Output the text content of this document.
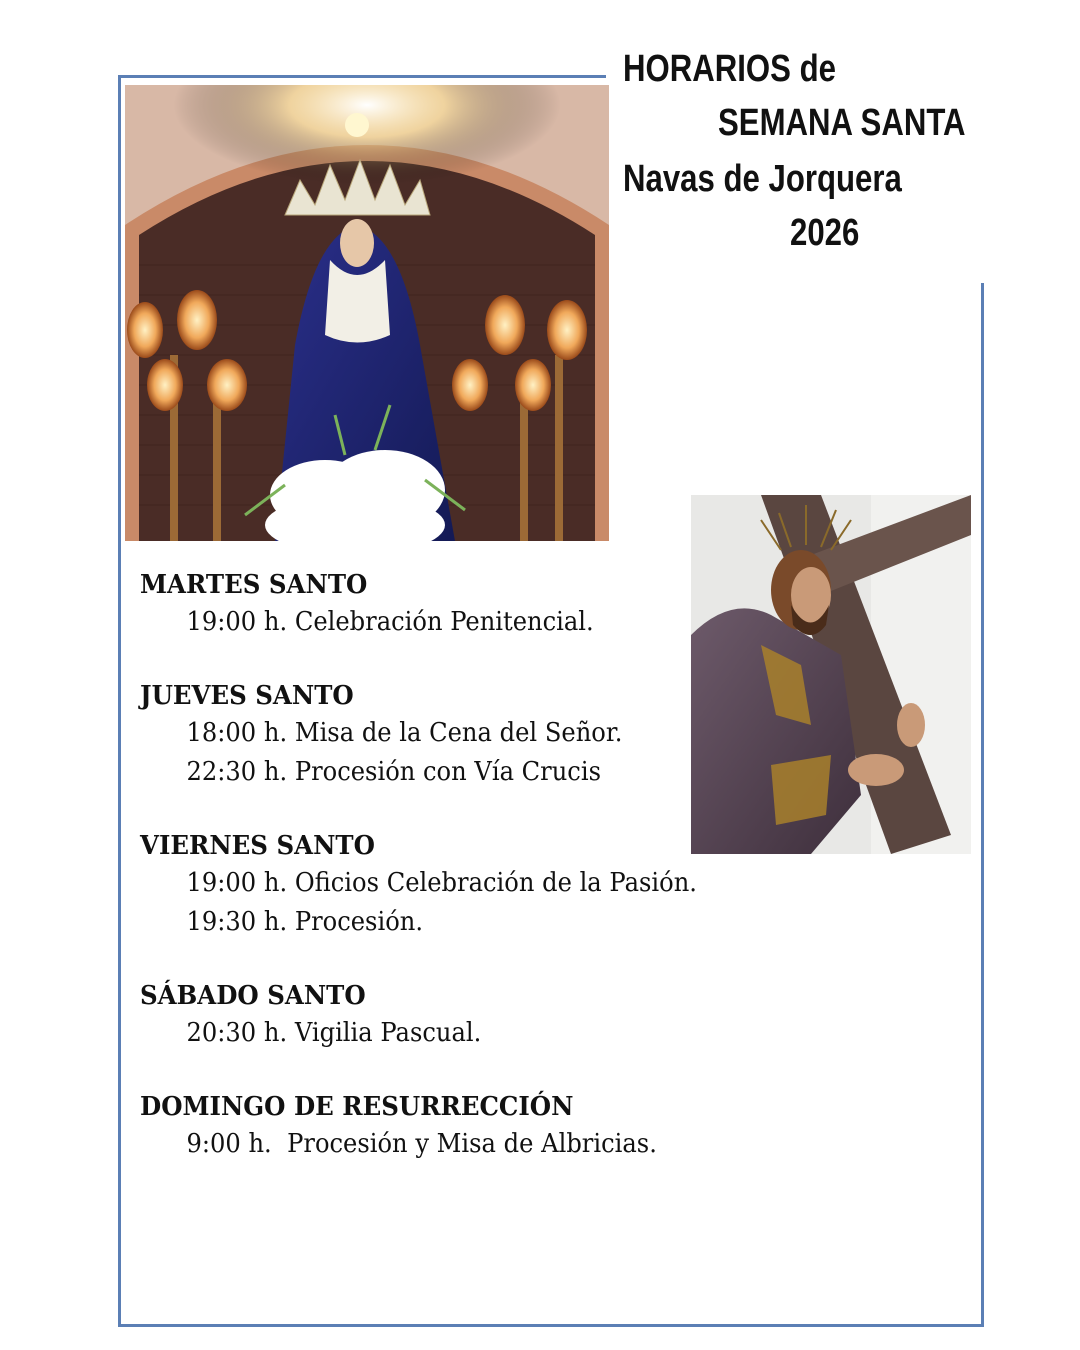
HORARIOS de
SEMANA SANTA
Navas de Jorquera
2026
MARTES SANTO
19:00 h. Celebración Penitencial.
JUEVES SANTO
18:00 h. Misa de la Cena del Señor.
22:30 h. Procesión con Vía Crucis
VIERNES SANTO
19:00 h. Oficios Celebración de la Pasión.
19:30 h. Procesión.
SÁBADO SANTO
20:30 h. Vigilia Pascual.
DOMINGO DE RESURRECCIÓN
9:00 h.  Procesión y Misa de Albricias.
